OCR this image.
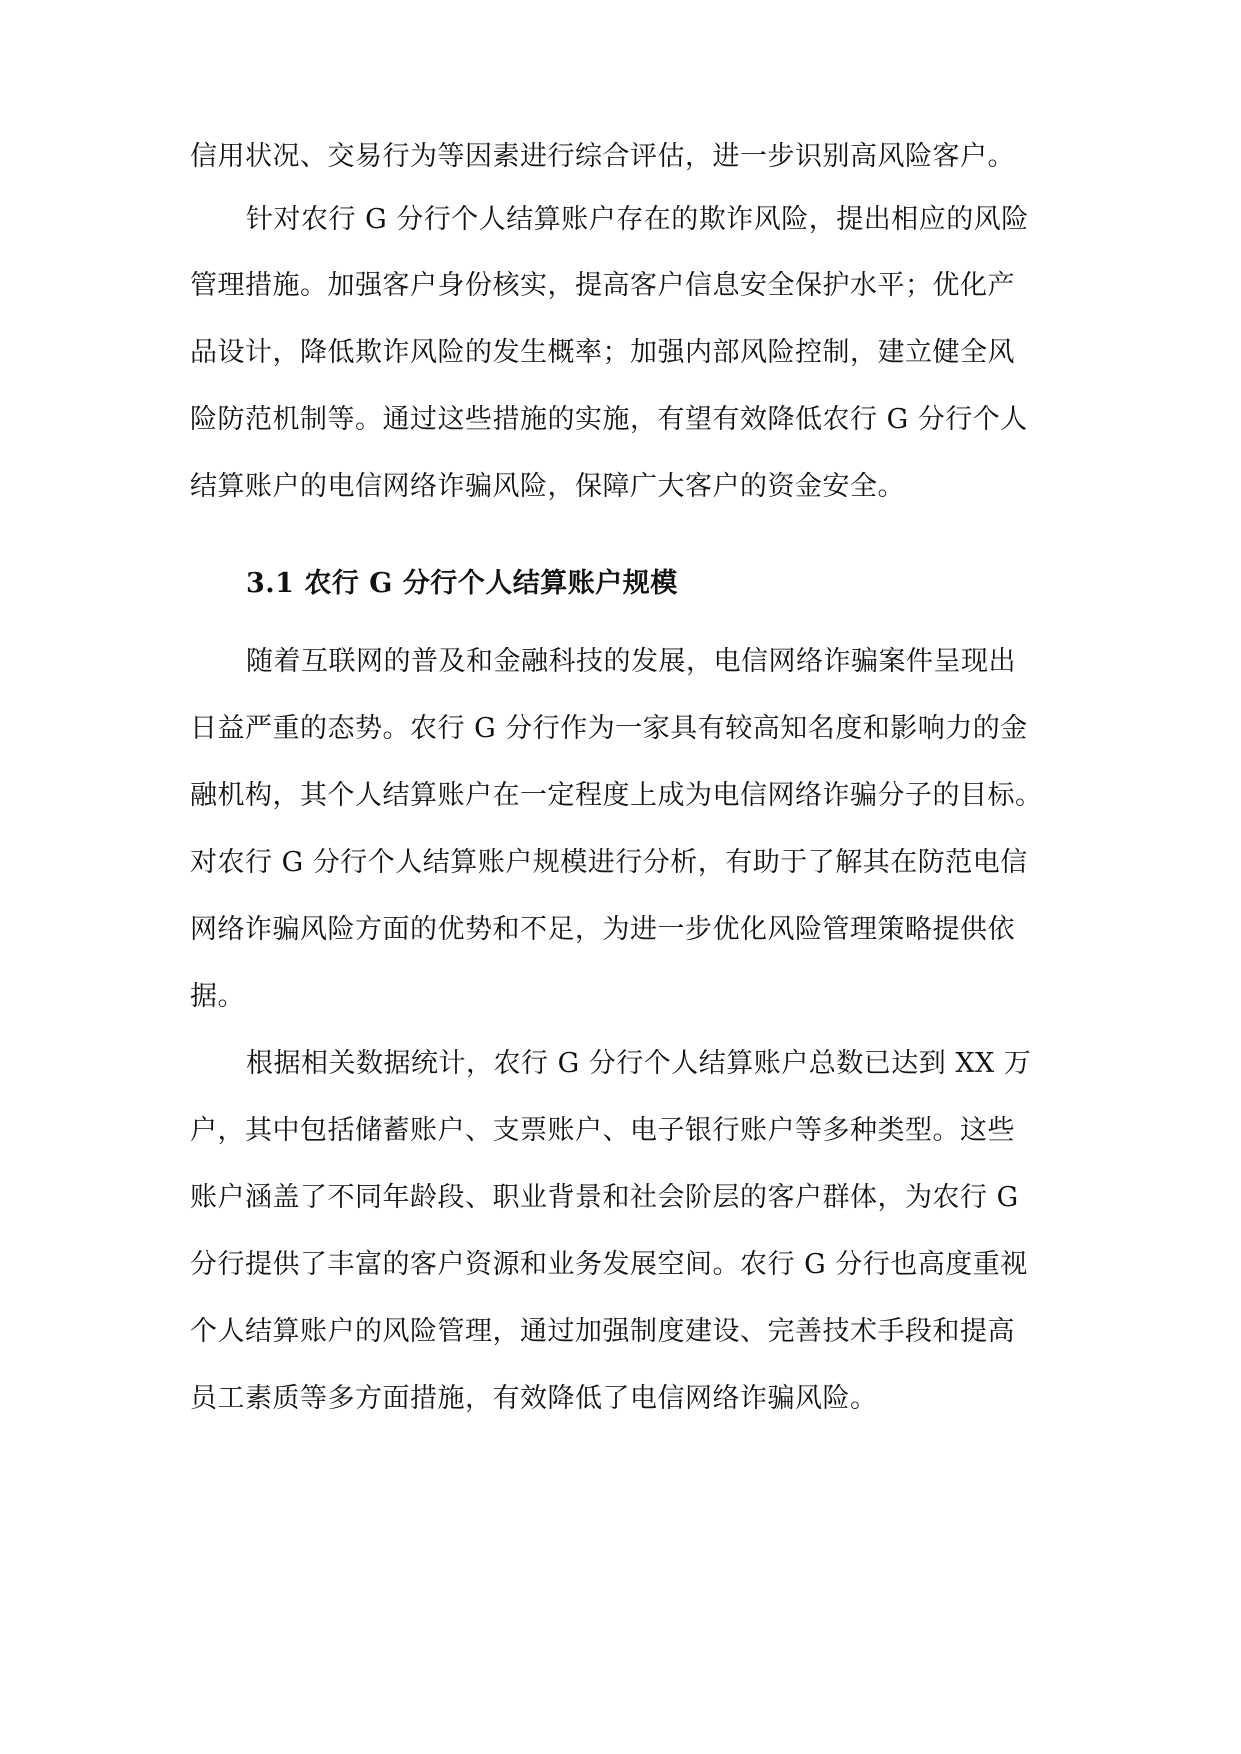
信用状况、交易行为等因素进行综合评估，进一步识别高风险客户。
针对农行 G 分行个人结算账户存在的欺诈风险，提出相应的风险
管理措施。加强客户身份核实，提高客户信息安全保护水平；优化产
品设计，降低欺诈风险的发生概率；加强内部风险控制，建立健全风
险防范机制等。通过这些措施的实施，有望有效降低农行 G 分行个人
结算账户的电信网络诈骗风险，保障广大客户的资金安全。
3.1 农行 G 分行个人结算账户规模
随着互联网的普及和金融科技的发展，电信网络诈骗案件呈现出
日益严重的态势。农行 G 分行作为一家具有较高知名度和影响力的金
融机构，其个人结算账户在一定程度上成为电信网络诈骗分子的目标。
对农行 G 分行个人结算账户规模进行分析，有助于了解其在防范电信
网络诈骗风险方面的优势和不足，为进一步优化风险管理策略提供依
据。
根据相关数据统计，农行 G 分行个人结算账户总数已达到 XX 万
户，其中包括储蓄账户、支票账户、电子银行账户等多种类型。这些
账户涵盖了不同年龄段、职业背景和社会阶层的客户群体，为农行 G
分行提供了丰富的客户资源和业务发展空间。农行 G 分行也高度重视
个人结算账户的风险管理，通过加强制度建设、完善技术手段和提高
员工素质等多方面措施，有效降低了电信网络诈骗风险。
